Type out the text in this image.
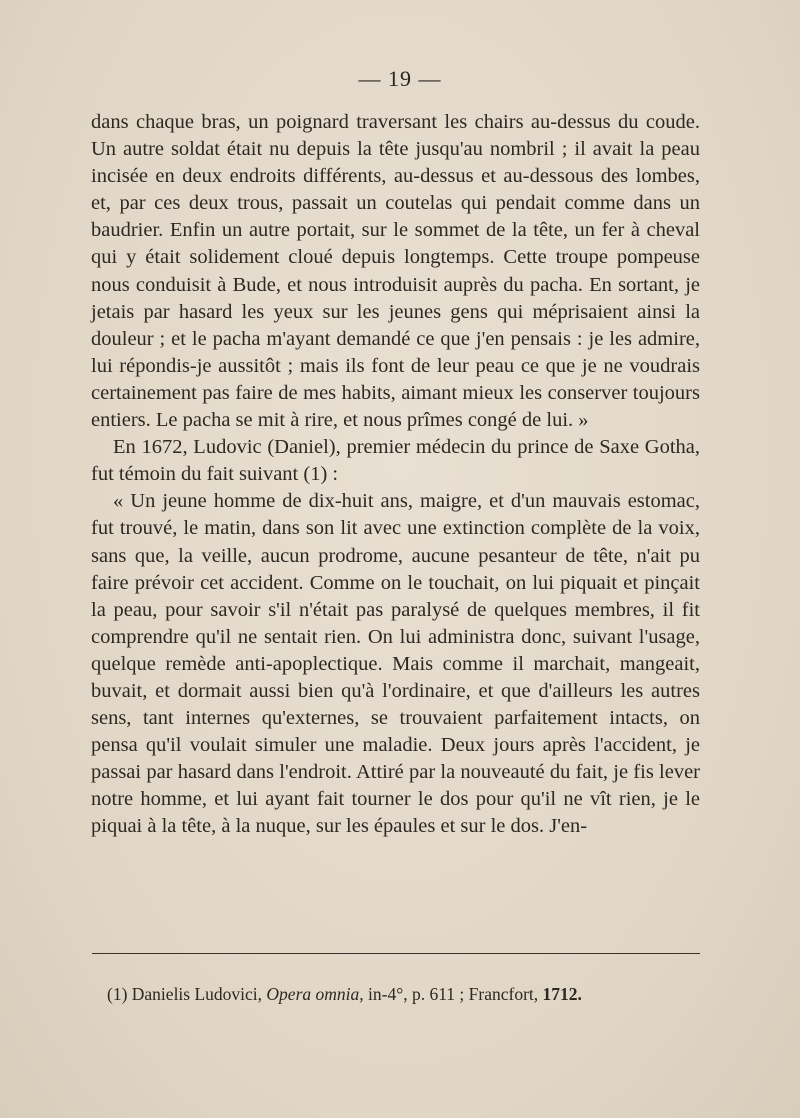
— 19 —

dans chaque bras, un poignard traversant les chairs au-dessus du coude. Un autre soldat était nu depuis la tête jusqu'au nombril ; il avait la peau incisée en deux endroits différents, au-dessus et au-dessous des lombes, et, par ces deux trous, passait un coutelas qui pendait comme dans un baudrier. Enfin un autre portait, sur le sommet de la tête, un fer à cheval qui y était solidement cloué depuis longtemps. Cette troupe pompeuse nous conduisit à Bude, et nous introduisit auprès du pacha. En sortant, je jetais par hasard les yeux sur les jeunes gens qui méprisaient ainsi la douleur ; et le pacha m'ayant demandé ce que j'en pensais : je les admire, lui répondis-je aussitôt ; mais ils font de leur peau ce que je ne voudrais certainement pas faire de mes habits, aimant mieux les conserver toujours entiers. Le pacha se mit à rire, et nous prîmes congé de lui. »

En 1672, Ludovic (Daniel), premier médecin du prince de Saxe Gotha, fut témoin du fait suivant (1) :

« Un jeune homme de dix-huit ans, maigre, et d'un mauvais estomac, fut trouvé, le matin, dans son lit avec une extinction complète de la voix, sans que, la veille, aucun prodrome, aucune pesanteur de tête, n'ait pu faire prévoir cet accident. Comme on le touchait, on lui piquait et pinçait la peau, pour savoir s'il n'était pas paralysé de quelques membres, il fit comprendre qu'il ne sentait rien. On lui administra donc, suivant l'usage, quelque remède anti-apoplectique. Mais comme il marchait, mangeait, buvait, et dormait aussi bien qu'à l'ordinaire, et que d'ailleurs les autres sens, tant internes qu'externes, se trouvaient parfaitement intacts, on pensa qu'il voulait simuler une maladie. Deux jours après l'accident, je passai par hasard dans l'endroit. Attiré par la nouveauté du fait, je fis lever notre homme, et lui ayant fait tourner le dos pour qu'il ne vît rien, je le piquai à la tête, à la nuque, sur les épaules et sur le dos. J'en-

(1) Danielis Ludovici, Opera omnia, in-4°, p. 611 ; Francfort, 1712.
